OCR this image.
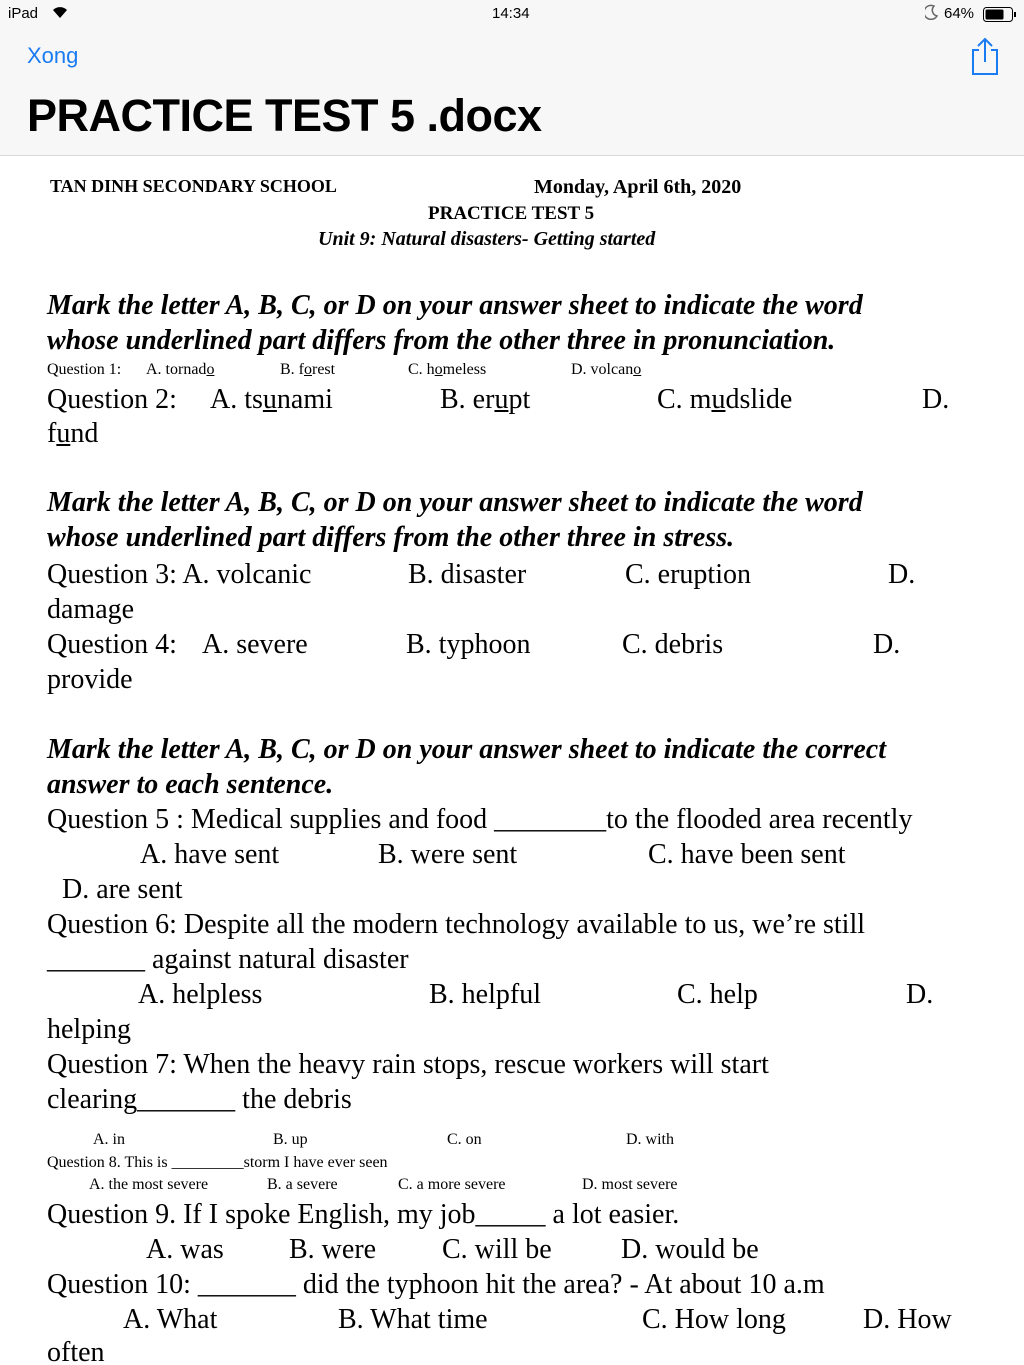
iPad	14:34	64%
Xong
PRACTICE TEST 5 .docx
TAN DINH SECONDARY SCHOOL	Monday, April 6th, 2020
PRACTICE TEST 5
Unit 9: Natural disasters- Getting started
Mark the letter A, B, C, or D on your answer sheet to indicate the word
whose underlined part differs from the other three in pronunciation.
Question 1: A. tornado	B. forest	C. homeless	D. volcano
Question 2: A. tsunami	B. erupt	C. mudslide	D.
fund
Mark the letter A, B, C, or D on your answer sheet to indicate the word
whose underlined part differs from the other three in stress.
Question 3: A. volcanic	B. disaster	C. eruption	D.
damage
Question 4: A. severe	B. typhoon	C. debris	D.
provide
Mark the letter A, B, C, or D on your answer sheet to indicate the correct
answer to each sentence.
Question 5 : Medical supplies and food ________to the flooded area recently
A. have sent	B. were sent	C. have been sent
D. are sent
Question 6: Despite all the modern technology available to us, we’re still
_______ against natural disaster
A. helpless	B. helpful	C. help	D.
helping
Question 7: When the heavy rain stops, rescue workers will start
clearing_______ the debris
A. in	B. up	C. on	D. with
Question 8. This is _________storm I have ever seen
A. the most severe	B. a severe	C. a more severe	D. most severe
Question 9. If I spoke English, my job_____ a lot easier.
A. was B. were C. will be D. would be
Question 10: _______ did the typhoon hit the area? - At about 10 a.m
A. What	B. What time	C. How long	D. How
often
